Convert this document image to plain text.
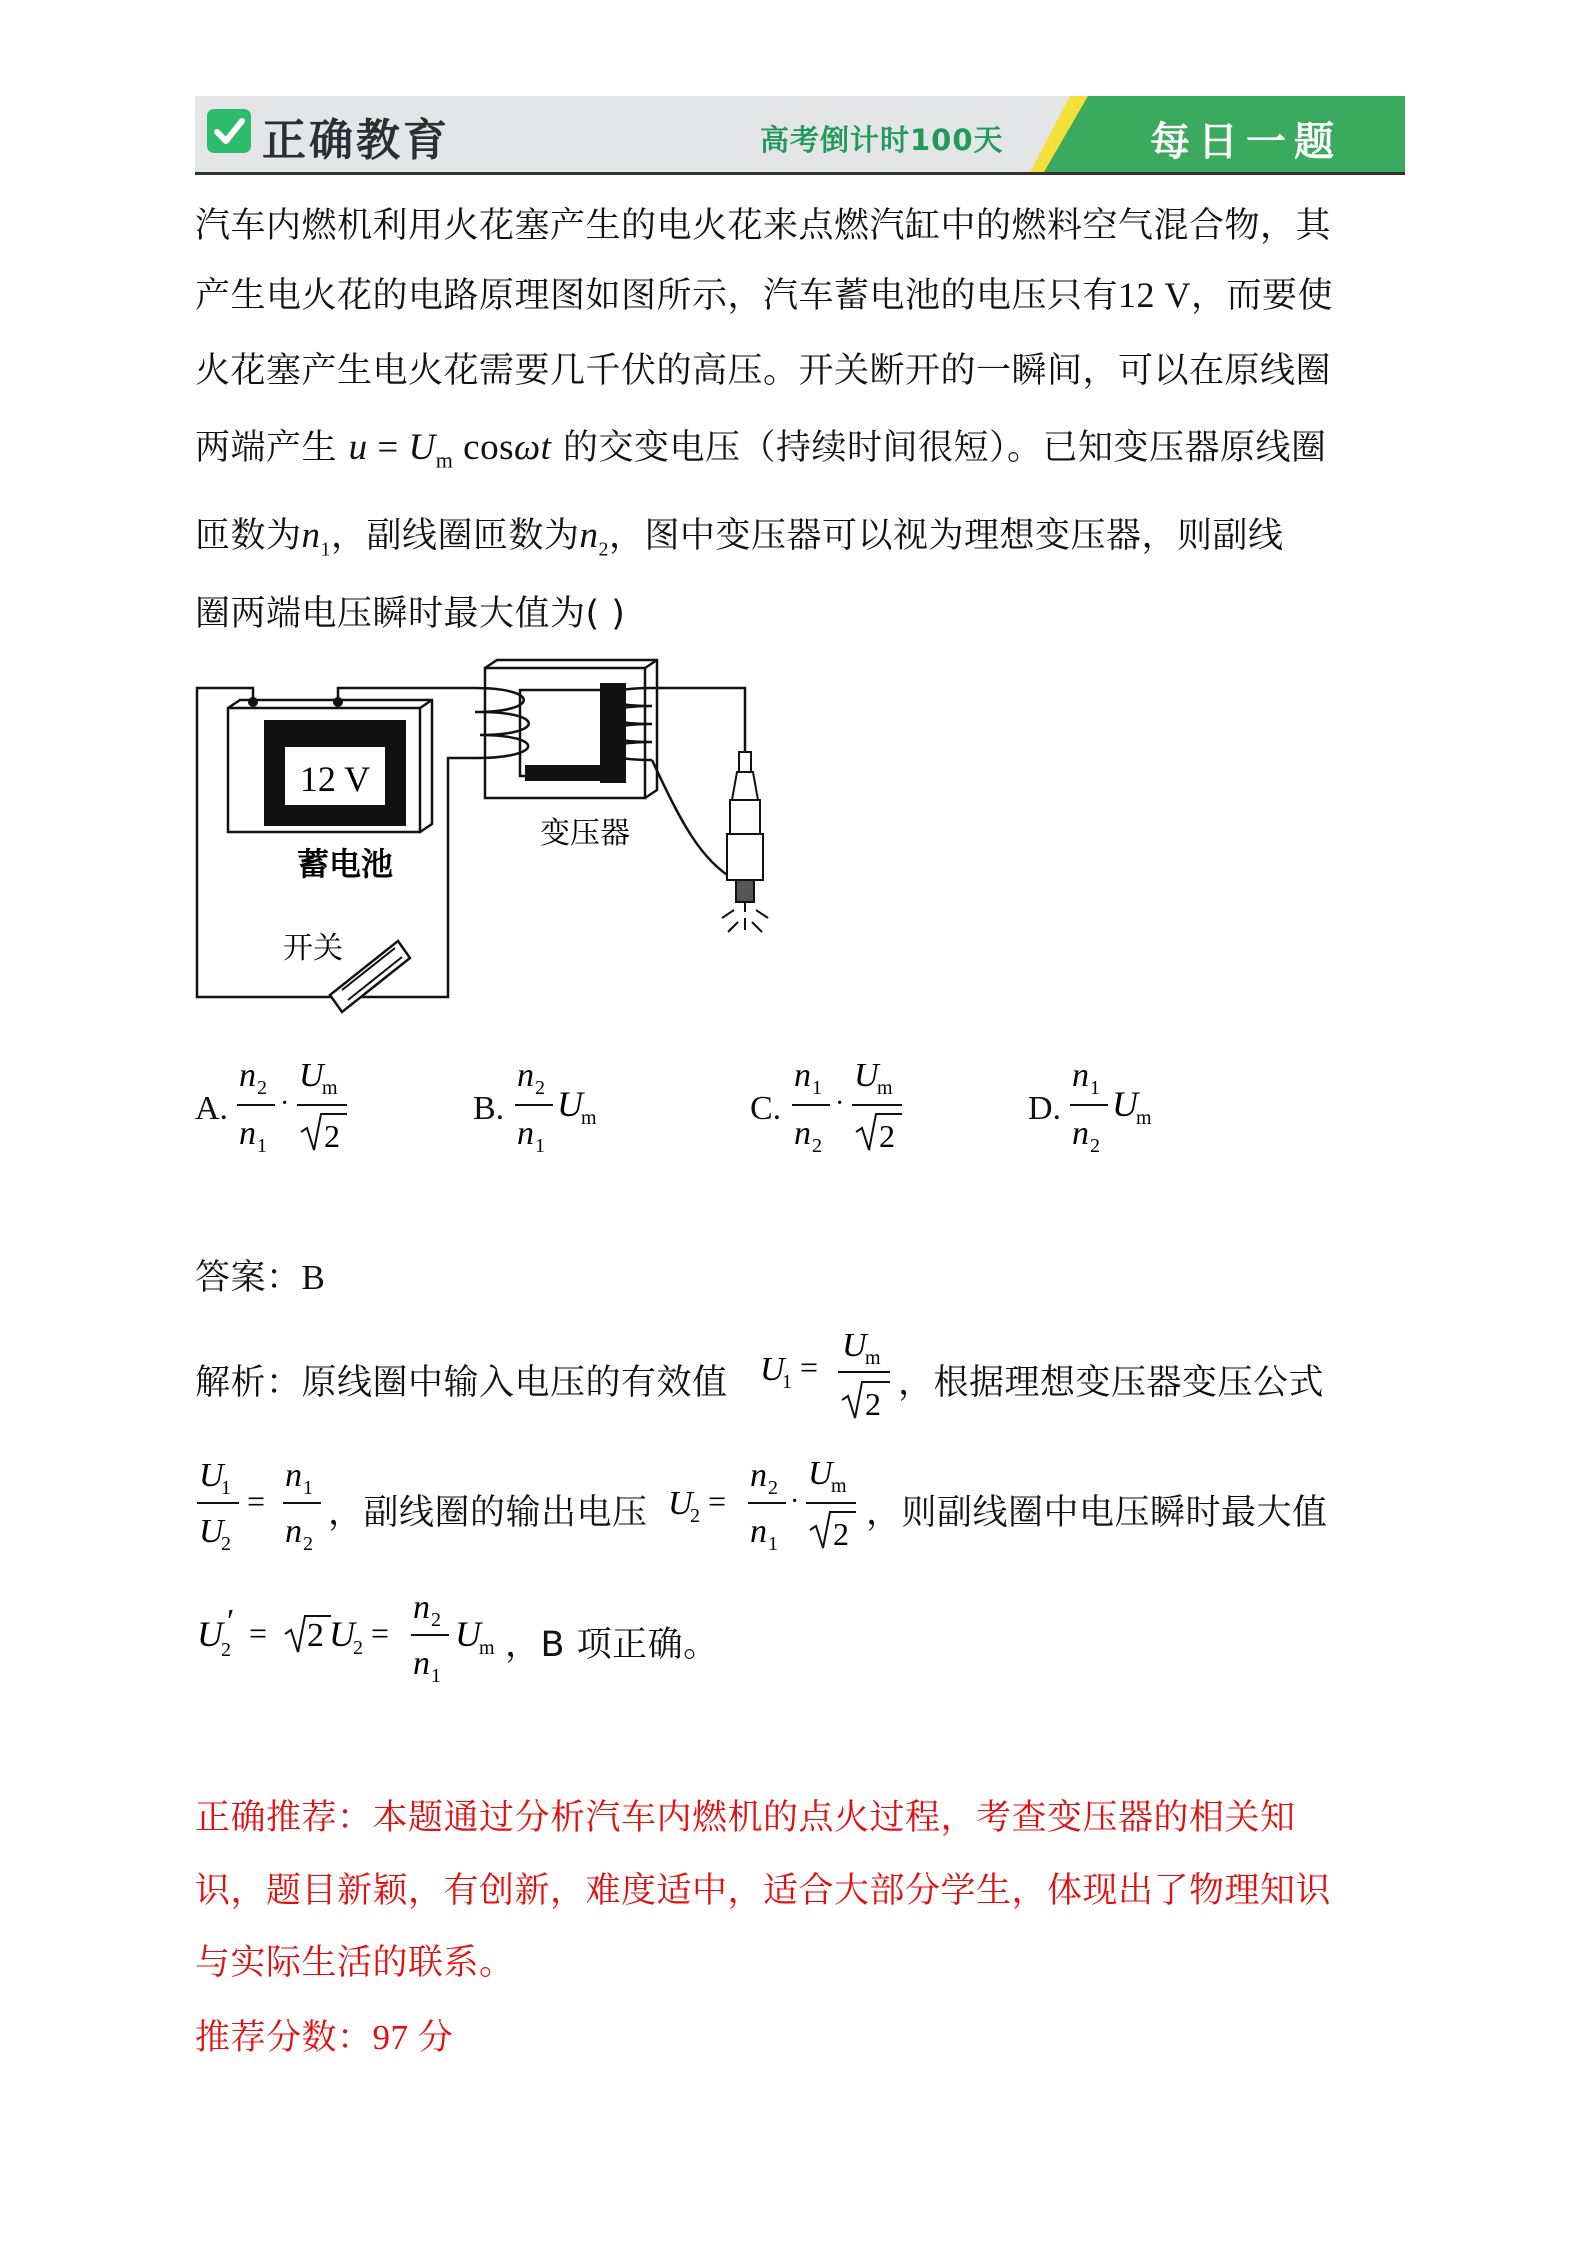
正确教育	高考倒计时100天	每日一题
汽车内燃机利用火花塞产生的电火花来点燃汽缸中的燃料空气混合物，其
产生电火花的电路原理图如图所示，汽车蓄电池的电压只有12 V，而要使
火花塞产生电火花需要几千伏的高压。开关断开的一瞬间，可以在原线圈
两端产生 $u = U_m$ cosωt 的交变电压（持续时间很短）。已知变压器原线圈
匝数为$n_1$，副线圈匝数为$n_2$，图中变压器可以视为理想变压器，则副线
圈两端电压瞬时最大值为( )
12 V
蓄电池
变压器
开关
A.
n 2
n 1
·
U
m
2
B.
n 2
n 1
U
m	C.
n 1
n 2
·
U
m
2
D.
n 1
n 2
U
m
答案：B
解析：原线圈中输入电压的有效值 U
1 =
U
m
2
，根据理想变压器变压公式
U
1
U
2
=
n 1
n 2
，副线圈的输出电压 U
2 =
n 2
n 1
·
U
m
2
，则副线圈中电压瞬时最大值
U
2
′ = 2 U
2 =
n 2
n 1
U
m ，B 项正确。
正确推荐：本题通过分析汽车内燃机的点火过程，考查变压器的相关知
识，题目新颖，有创新，难度适中，适合大部分学生，体现出了物理知识
与实际生活的联系。
推荐分数：97 分
